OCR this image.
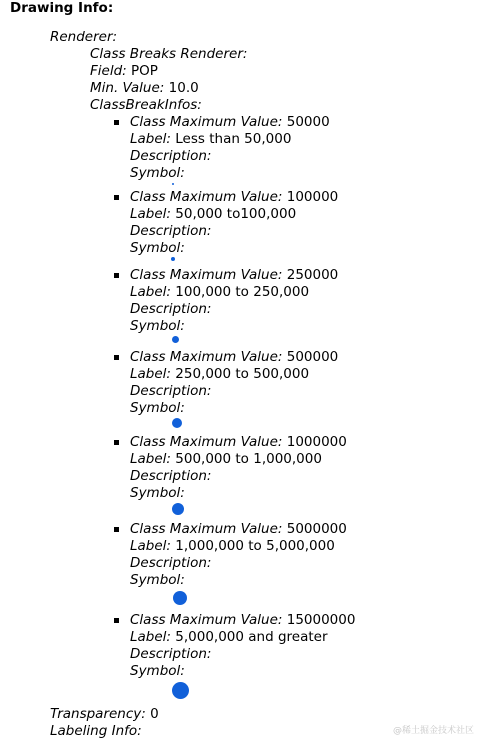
Drawing Info:
Renderer:
Class Breaks Renderer:
Field: POP
Min. Value: 10.0
ClassBreakInfos:
Class Maximum Value: 50000
Label: Less than 50,000
Description:
Symbol:
Class Maximum Value: 100000
Label: 50,000 to100,000
Description:
Symbol:
Class Maximum Value: 250000
Label: 100,000 to 250,000
Description:
Symbol:
Class Maximum Value: 500000
Label: 250,000 to 500,000
Description:
Symbol:
Class Maximum Value: 1000000
Label: 500,000 to 1,000,000
Description:
Symbol:
Class Maximum Value: 5000000
Label: 1,000,000 to 5,000,000
Description:
Symbol:
Class Maximum Value: 15000000
Label: 5,000,000 and greater
Description:
Symbol:
Transparency: 0
Labeling Info:	@稀土掘金技术社区
